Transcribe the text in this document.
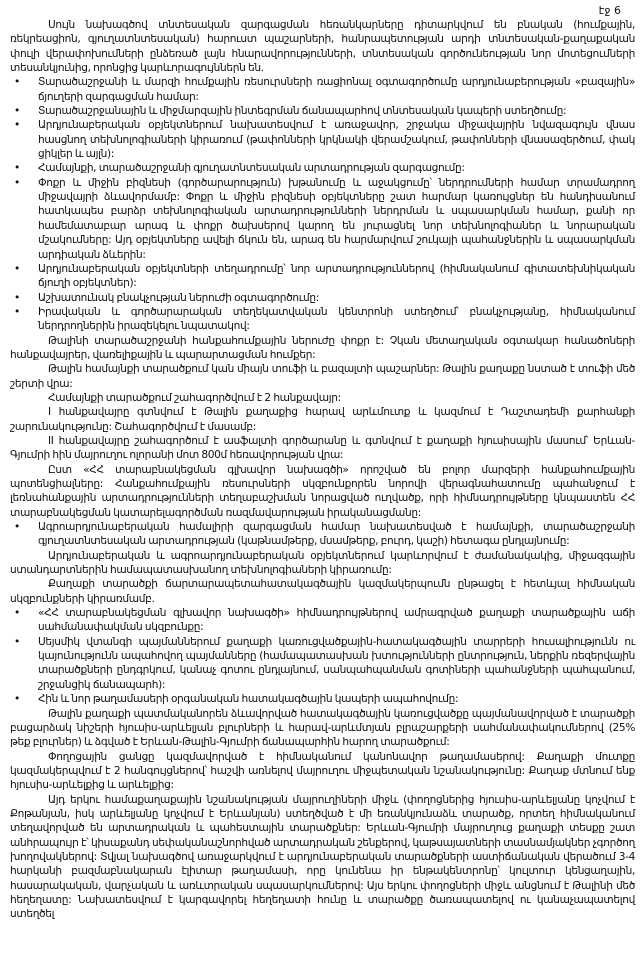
էջ 6

Սույն նախագծով տնտեսական զարգացման հեռանկարները դիտարկվում են բնական (հումքային, ռեկրեացիոն, գյուղատնտեսական) հարուստ պաշարների, հանրապետության արդի տնտեսական-քաղաքական փուլի վերափոխումների ընձեռած լայն հնարավորությունների, տնտեսական գործունեության նոր մոտեցումների տեսանկյունից, որոնցից կարևորագույններն են.

• Տարածաշրջանի և մարզի հումքային ռեսուրսների ռացիոնալ օգտագործումը արդյունաբերության «բազային» ճյուղերի զարգացման համար:

• Տարածաշրջանային և միջմարզային ինտեգրման ճանապարհով տնտեսական կապերի ստեղծումը:

• Արդյունաբերական օբյեկտներում նախատեսվում է առաջավոր, շրջակա միջավայրին նվազագույն վնաս հասցնող տեխնոլոգիաների կիրառում (թափոնների կրկնակի վերամշակում, թափոնների վնասազերծում, փակ ցիկլեր և այլն):

• Համայնքի, տարածաշրջանի գյուղատնտեսական արտադրության զարգացումը:

• Փոքր և միջին բիզնեսի (գործարարություն) խթանումը և աջակցումը՝ ներդրումների համար տրամադրող միջավայրի ձևավորմամբ: Փոքր և միջին բիզնեսի օբյեկտները շատ հարմար կառույցներ են հանդիսանում հատկապես բարձր տեխնոլոգիական արտադրությունների ներդրման և սպասարկման համար, քանի որ համեմատաբար արագ և փոքր ծախսերով կարող են յուրացնել նոր տեխնոլոգիաներ և նորարական մշակումները: Այդ օբյեկտները ավելի ճկուն են, արագ են հարմարվում շուկայի պահանջներին և սպասարկման արդիական ձևերին:

• Արդյունաբերական օբյեկտների տեղադրումը՝ նոր արտադրություններով (հիմնականում գիտատեխնիկական ճյուղի օբյեկտներ):

• Աշխատունակ բնակչության ներուժի օգտագործումը:

• Իրավական և գործարարական տեղեկատվական կենտրոնի ստեղծում՝ բնակչությանը, հիմնականում ներդրողներին իրազեկելու նպատակով:

Թալինի տարածաշրջանի հանքահումքային ներուժը փոքր է: Չկան մետաղական օգտակար հանածոների հանքավայրեր, վառելիքային և պարարտացման հումքեր:

Թալին համայնքի տարածքում կան միայն տուֆի և բազալտի պաշարներ: Թալին քաղաքը նստած է տուֆի մեծ շերտի վրա:

Համայնքի տարածքում շահագործվում է 2 հանքավայր:

I հանքավայրը գտնվում է Թալին քաղաքից հարավ արևմուտք և կազմում է Դաշտադեմի քարհանքի շարունակությունը: Շահագործվում է մասամբ:

II հանքավայրը շահագործում է ասֆալտի գործարանը և գտնվում է քաղաքի հյուսիսային մասում՝ Երևան-Գյումրի հին մայրուղու ոլորանի մոտ 800մ հեռավորության վրա:

Ըստ «ՀՀ տարաբնակեցման գլխավոր նախագծի» որոշված են բոլոր մարզերի հանքահումքային պոտենցիալները: Հանքահումքային ռեսուրսների սկզբունքորեն նորովի վերագնահատումը պահանջում է լեռնահանքային արտադրությունների տեղաբաշխման նորացված ուղվածք, որի հիմնադրույթները կնպաստեն ՀՀ տարաբնակեցման կատարելագործման ռազմավարության իրականացմանը:

• Ագրոարդյունաբերական համալիրի զարգացման համար նախատեսված է համայնքի, տարածաշրջանի գյուղատնտեսական արտադրության (կաթնամթերք, մսամթերք, բուրդ, կաշի) հետագա ընդլայնումը:

Արդյունաբերական և ագրոարդյունաբերական օբյեկտներում կարևորվում է ժամանակակից, միջազգային ստանդարտներին համապատասխանող տեխնոլոգիաների կիրառումը:

Քաղաքի տարածքի ճարտարապետահատակագծային կազմակերպումն ընթացել է հետևյալ հիմնական սկզբունքների կիրառմամբ.

• «ՀՀ տարաբնակեցման գլխավոր նախագծի» հիմնադրույթներով ամրագրված քաղաքի տարածքային աճի սահմանափակման սկզբունքը:

• Սեյսմիկ վտանգի պայմաններում քաղաքի կառուցվածքային-հատակագծային տարրերի հուսալիությունն ու կայունությունն ապահովող պայմանները (համապատասխան խտությունների ընտրություն, ներքին ռեզերվային տարածքների ընդգրկում, կանաչ գոտու ընդլայնում, սանպահպանման գոտիների պահանջների պահպանում, շրջանցիկ ճանապարհ):

• Հին և նոր թաղամասերի օրգանական հատակագծային կապերի ապահովումը:

Թալին քաղաքի պատմականորեն ձևավորված հատակագծային կառուցվածքը պայմանավորված է տարածքի բացարձակ նիշերի հյուսիս-արևելյան բլուրների և հարավ-արևմտյան բլրաշարքերի սահմանափակումներով (25% թեք բլուրներ) և ձգված է Երևան-Թալին-Գյումրի ճանապարհին հարող տարածքում:

Փողոցային ցանցը կազմավորված է հիմնականում կանոնավոր թաղամասերով: Քաղաքի մուտքը կազմակերպվում է 2 հանգույցներով՝ հաշվի առնելով մայրուղու միջպետական նշանակությունը: Քաղաք մտնում ենք հյուսիս-արևելքից և արևելքից:

Այդ երկու համաքաղաքային նշանակության մայրուղիների միջև (փողոցներից հյուսիս-արևելյանը կոչվում է Քոթանյան, իսկ արևելյանը կոչվում է Երևանյան) ստեղծված է մի եռանկյունաձև տարածք, որտեղ հիմնականում տեղավորված են արտադրական և պահեստային տարածքներ: Երևան-Գյումրի մայրուղուց քաղաքի տեսքը շատ անհրապույր է՝ կիսաքանդ սեփականաշնորհված արտադրական շենքերով, կաթսայատների տասնամյակներ չգործող խողովակներով: Տվյալ նախագծով առաջարկվում է արդյունաբերական տարածքների աստիճանական վերածում 3-4 հարկանի բազմաբնակարան էլիտար թաղամասի, որը կունենա իր ենթակենտրոնը՝ կուլտուր կենցաղային, հասարակական, վարչական և առևտրական սպասարկումներով: Այս երկու փողոցների միջև անցնում է Թալինի մեծ հեղեղատը: Նախատեսվում է կարգավորել հեղեղատի հունը և տարածքը ծառապատելով ու կանաչապատելով ստեղծել
